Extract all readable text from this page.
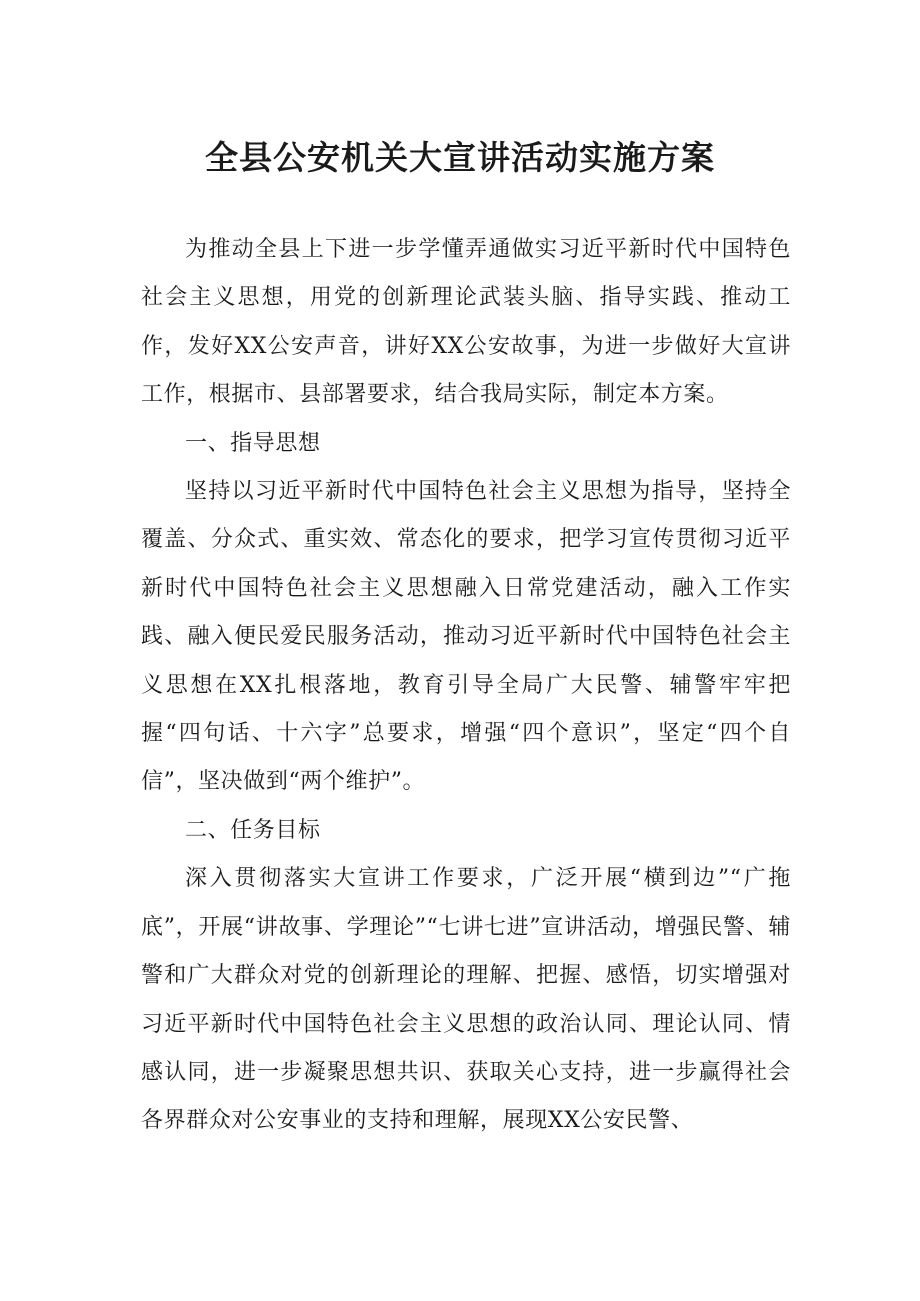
全县公安机关大宣讲活动实施方案

为推动全县上下进一步学懂弄通做实习近平新时代中国特色社会主义思想，用党的创新理论武装头脑、指导实践、推动工作，发好XX公安声音，讲好XX公安故事，为进一步做好大宣讲工作，根据市、县部署要求，结合我局实际，制定本方案。

一、指导思想

坚持以习近平新时代中国特色社会主义思想为指导，坚持全覆盖、分众式、重实效、常态化的要求，把学习宣传贯彻习近平新时代中国特色社会主义思想融入日常党建活动，融入工作实践、融入便民爱民服务活动，推动习近平新时代中国特色社会主义思想在XX扎根落地，教育引导全局广大民警、辅警牢牢把握“四句话、十六字”总要求，增强“四个意识”，坚定“四个自信”，坚决做到“两个维护”。

二、任务目标

深入贯彻落实大宣讲工作要求，广泛开展“横到边”“广拖底”，开展“讲故事、学理论”“七讲七进”宣讲活动，增强民警、辅警和广大群众对党的创新理论的理解、把握、感悟，切实增强对习近平新时代中国特色社会主义思想的政治认同、理论认同、情感认同，进一步凝聚思想共识、获取关心支持，进一步赢得社会各界群众对公安事业的支持和理解，展现XX公安民警、
